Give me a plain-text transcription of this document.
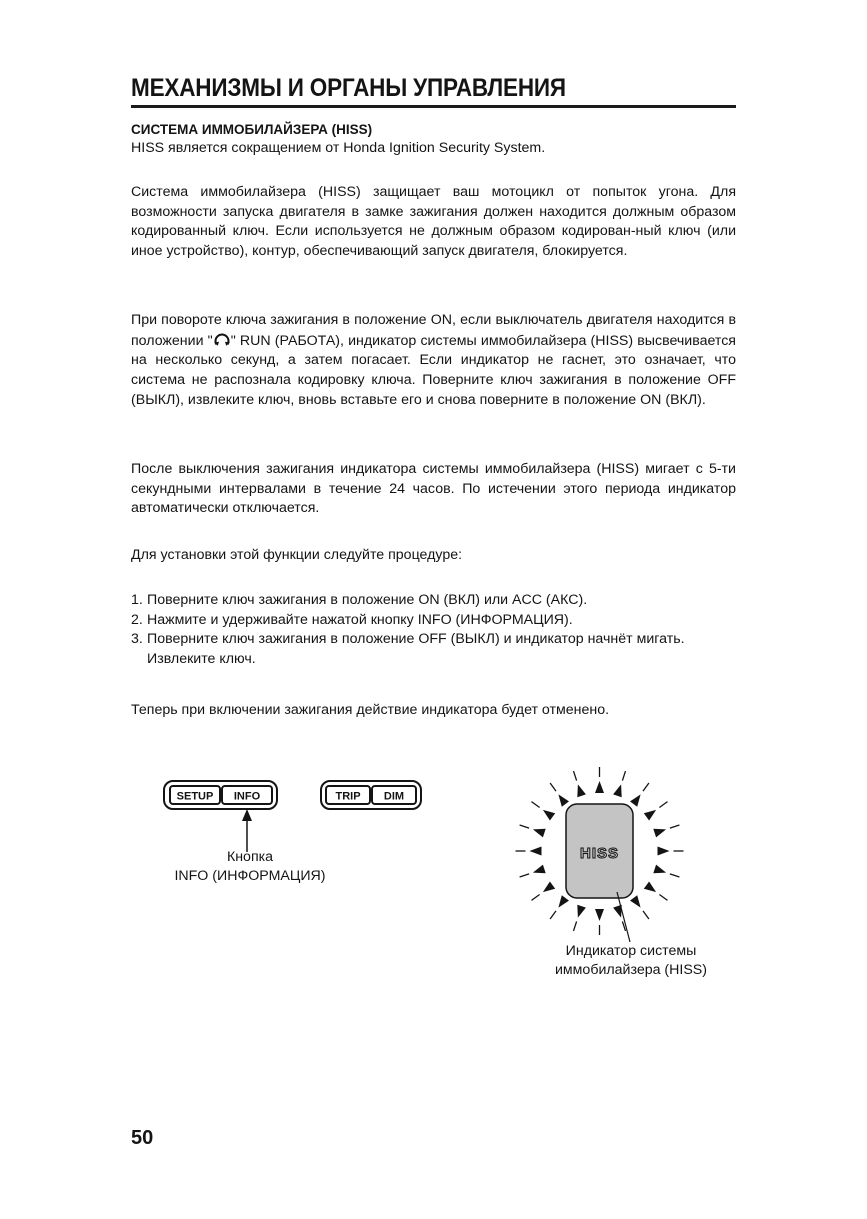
МЕХАНИЗМЫ И ОРГАНЫ УПРАВЛЕНИЯ
СИСТЕМА ИММОБИЛАЙЗЕРА (HISS)
HISS является сокращением от Honda Ignition Security System.

Система иммобилайзера (HISS) защищает ваш мотоцикл от попыток угона. Для возможности запуска двигателя в замке зажигания должен находится должным образом кодированный ключ. Если используется не должным образом кодирован-ный ключ (или иное устройство), контур, обеспечивающий запуск двигателя, блокируется.

При повороте ключа зажигания в положение ON, если выключатель двигателя находится в положении " " RUN (РАБОТА), индикатор системы иммобилайзера (HISS) высвечивается на несколько секунд, а затем погасает. Если индикатор не гаснет, это означает, что система не распознала кодировку ключа. Поверните ключ зажигания в положение OFF (ВЫКЛ), извлеките ключ, вновь вставьте его и снова поверните в положение ON (ВКЛ).

После выключения зажигания индикатора системы иммобилайзера (HISS) мигает с 5-ти секундными интервалами в течение 24 часов. По истечении этого периода индикатор автоматически отключается.

Для установки этой функции следуйте процедуре:
1. Поверните ключ зажигания в положение ON (ВКЛ) или ACC (АКС).
2. Нажмите и удерживайте нажатой кнопку INFO (ИНФОРМАЦИЯ).
3. Поверните ключ зажигания в положение OFF (ВЫКЛ) и индикатор начнёт мигать. Извлеките ключ.
Теперь при включении зажигания действие индикатора будет отменено.
SETUP INFO	TRIP DIM
Кнопка
INFO (ИНФОРМАЦИЯ)
HISS
Индикатор системы
иммобилайзера (HISS)
50
